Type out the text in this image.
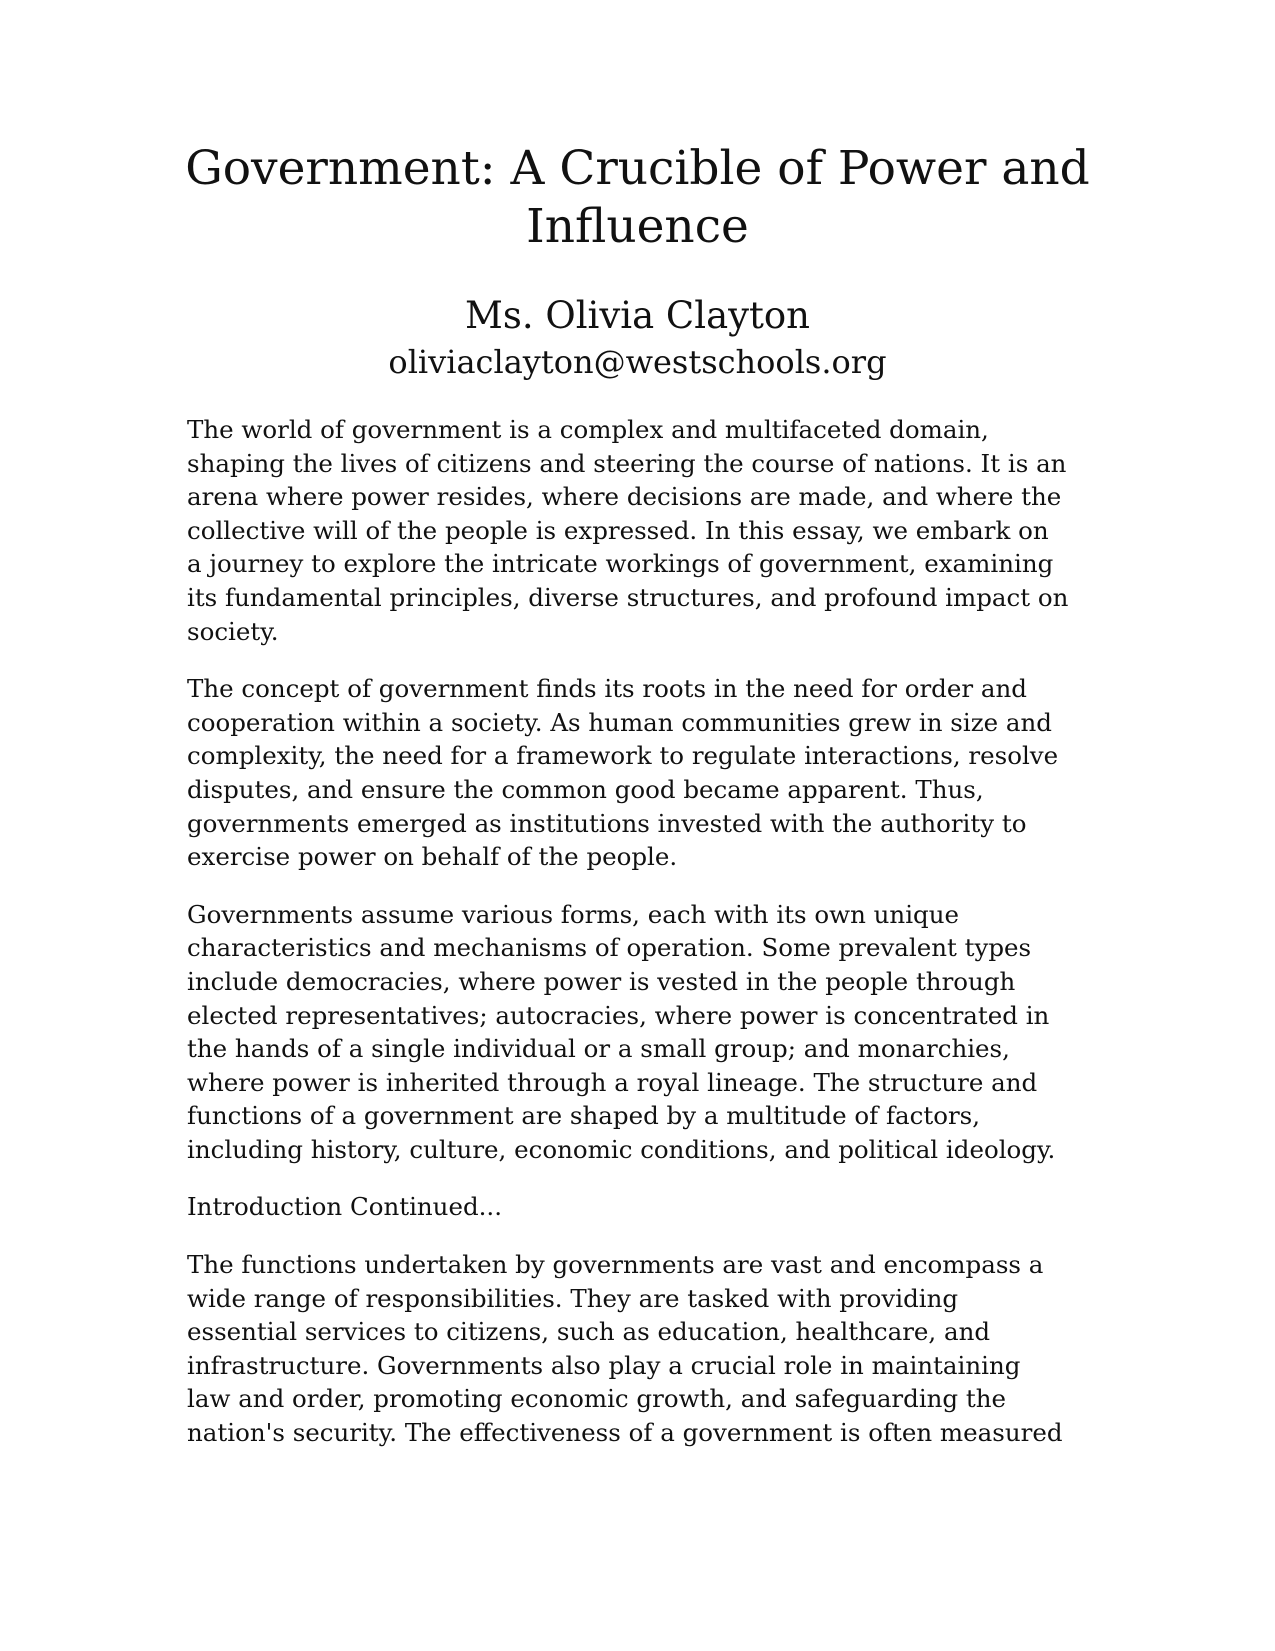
Government: A Crucible of Power and
Influence
Ms. Olivia Clayton
oliviaclayton@westschools.org

The world of government is a complex and multifaceted domain,
shaping the lives of citizens and steering the course of nations. It is an
arena where power resides, where decisions are made, and where the
collective will of the people is expressed. In this essay, we embark on
a journey to explore the intricate workings of government, examining
its fundamental principles, diverse structures, and profound impact on
society.

The concept of government finds its roots in the need for order and
cooperation within a society. As human communities grew in size and
complexity, the need for a framework to regulate interactions, resolve
disputes, and ensure the common good became apparent. Thus,
governments emerged as institutions invested with the authority to
exercise power on behalf of the people.

Governments assume various forms, each with its own unique
characteristics and mechanisms of operation. Some prevalent types
include democracies, where power is vested in the people through
elected representatives; autocracies, where power is concentrated in
the hands of a single individual or a small group; and monarchies,
where power is inherited through a royal lineage. The structure and
functions of a government are shaped by a multitude of factors,
including history, culture, economic conditions, and political ideology.

Introduction Continued...

The functions undertaken by governments are vast and encompass a
wide range of responsibilities. They are tasked with providing
essential services to citizens, such as education, healthcare, and
infrastructure. Governments also play a crucial role in maintaining
law and order, promoting economic growth, and safeguarding the
nation's security. The effectiveness of a government is often measured
